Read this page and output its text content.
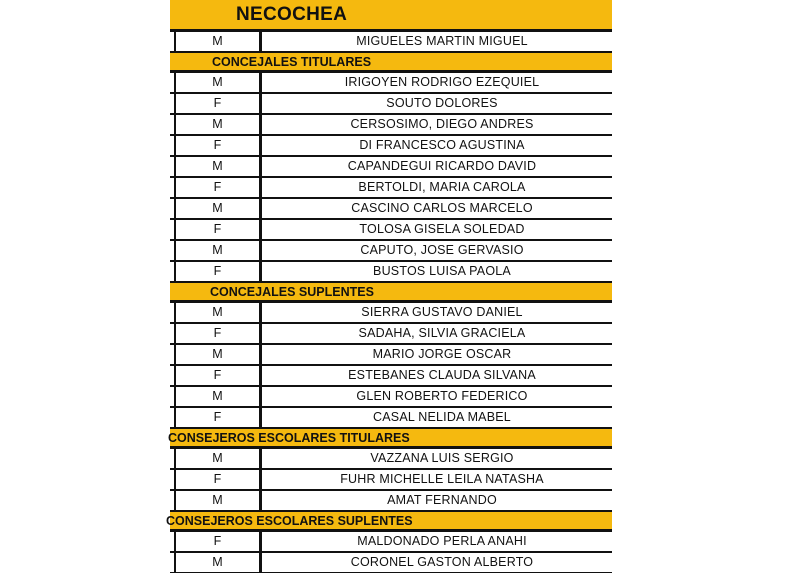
NECOCHEA
M	MIGUELES MARTIN MIGUEL
CONCEJALES TITULARES
M	IRIGOYEN RODRIGO EZEQUIEL
F	SOUTO DOLORES
M	CERSOSIMO, DIEGO ANDRES
F	DI FRANCESCO AGUSTINA
M	CAPANDEGUI RICARDO DAVID
F	BERTOLDI, MARIA CAROLA
M	CASCINO CARLOS MARCELO
F	TOLOSA GISELA SOLEDAD
M	CAPUTO, JOSE GERVASIO
F	BUSTOS LUISA PAOLA
CONCEJALES SUPLENTES
M	SIERRA GUSTAVO DANIEL
F	SADAHA, SILVIA GRACIELA
M	MARIO JORGE OSCAR
F	ESTEBANES CLAUDA SILVANA
M	GLEN ROBERTO FEDERICO
F	CASAL NELIDA MABEL
CONSEJEROS ESCOLARES TITULARES
M	VAZZANA LUIS SERGIO
F	FUHR MICHELLE LEILA NATASHA
M	AMAT FERNANDO
CONSEJEROS ESCOLARES SUPLENTES
F	MALDONADO PERLA ANAHI
M	CORONEL GASTON ALBERTO
